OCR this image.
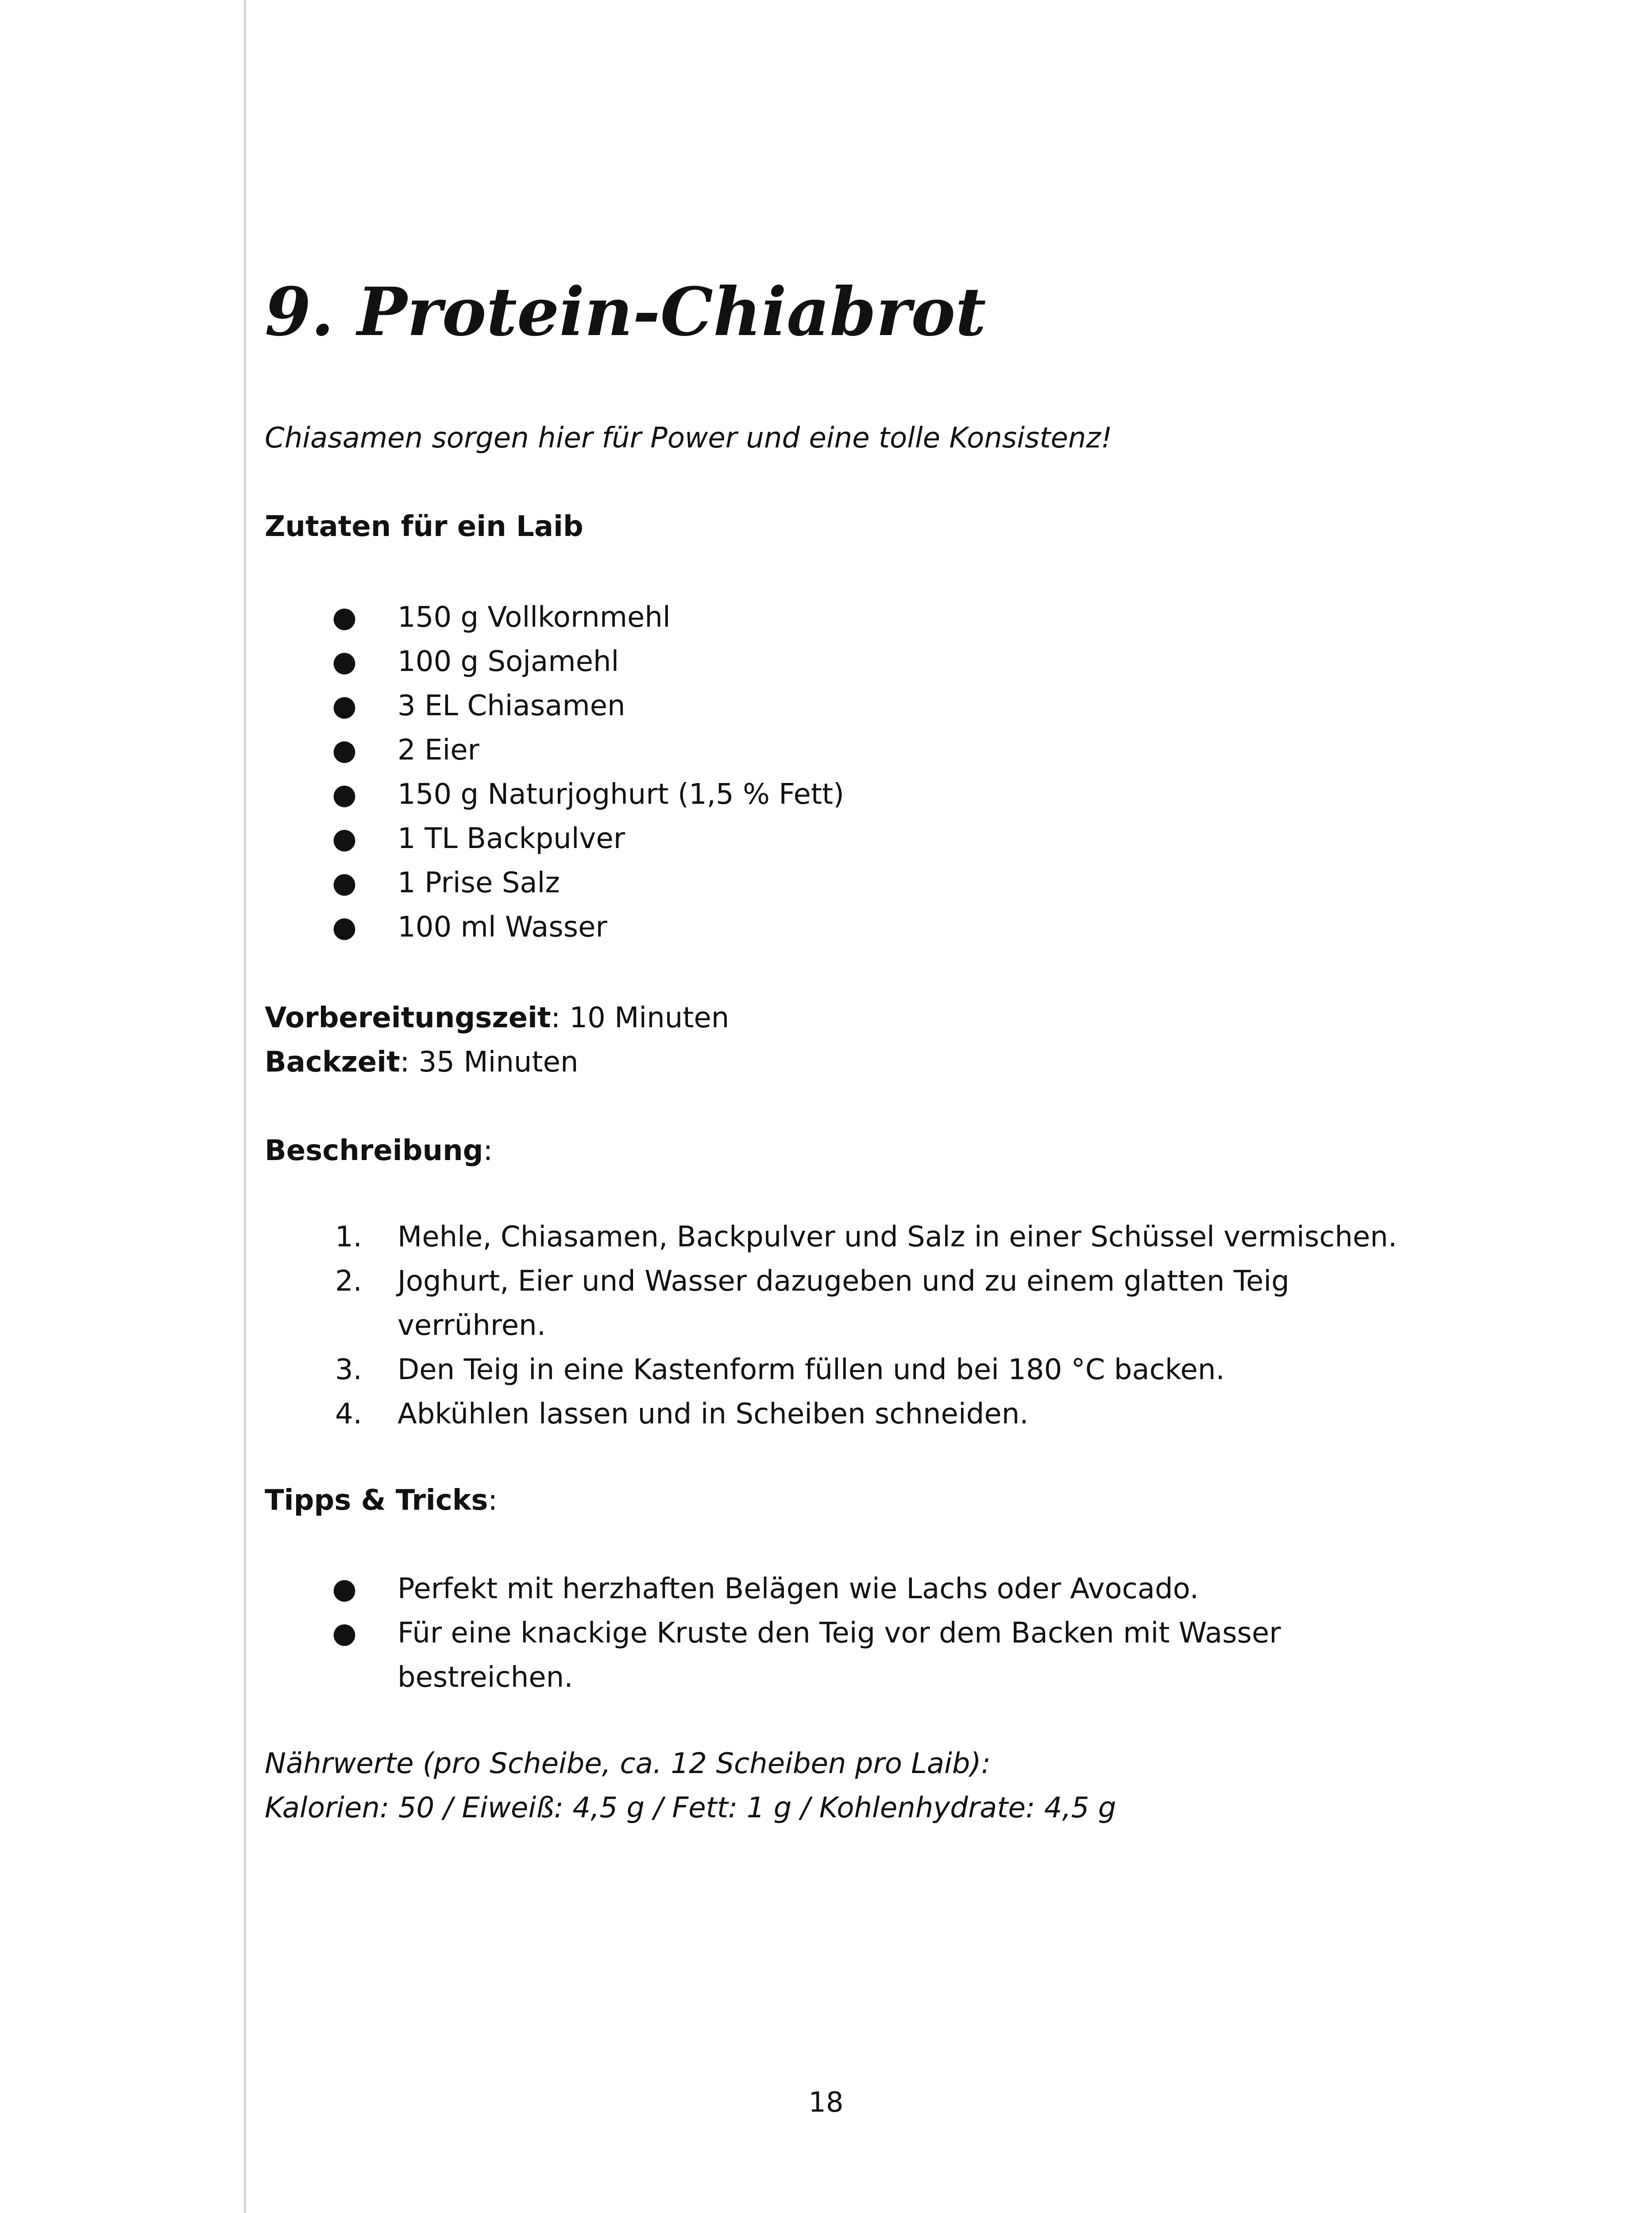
9. Protein-Chiabrot

Chiasamen sorgen hier für Power und eine tolle Konsistenz!

Zutaten für ein Laib

● 150 g Vollkornmehl
● 100 g Sojamehl
● 3 EL Chiasamen
● 2 Eier
● 150 g Naturjoghurt (1,5 % Fett)
● 1 TL Backpulver
● 1 Prise Salz
● 100 ml Wasser

Vorbereitungszeit: 10 Minuten

Backzeit: 35 Minuten

Beschreibung:

1. Mehle, Chiasamen, Backpulver und Salz in einer Schüssel vermischen.
2. Joghurt, Eier und Wasser dazugeben und zu einem glatten Teig verrühren.
3. Den Teig in eine Kastenform füllen und bei 180 °C backen.
4. Abkühlen lassen und in Scheiben schneiden.

Tipps & Tricks:

● Perfekt mit herzhaften Belägen wie Lachs oder Avocado.
● Für eine knackige Kruste den Teig vor dem Backen mit Wasser bestreichen.

Nährwerte (pro Scheibe, ca. 12 Scheiben pro Laib):

Kalorien: 50 / Eiweiß: 4,5 g / Fett: 1 g / Kohlenhydrate: 4,5 g

18
